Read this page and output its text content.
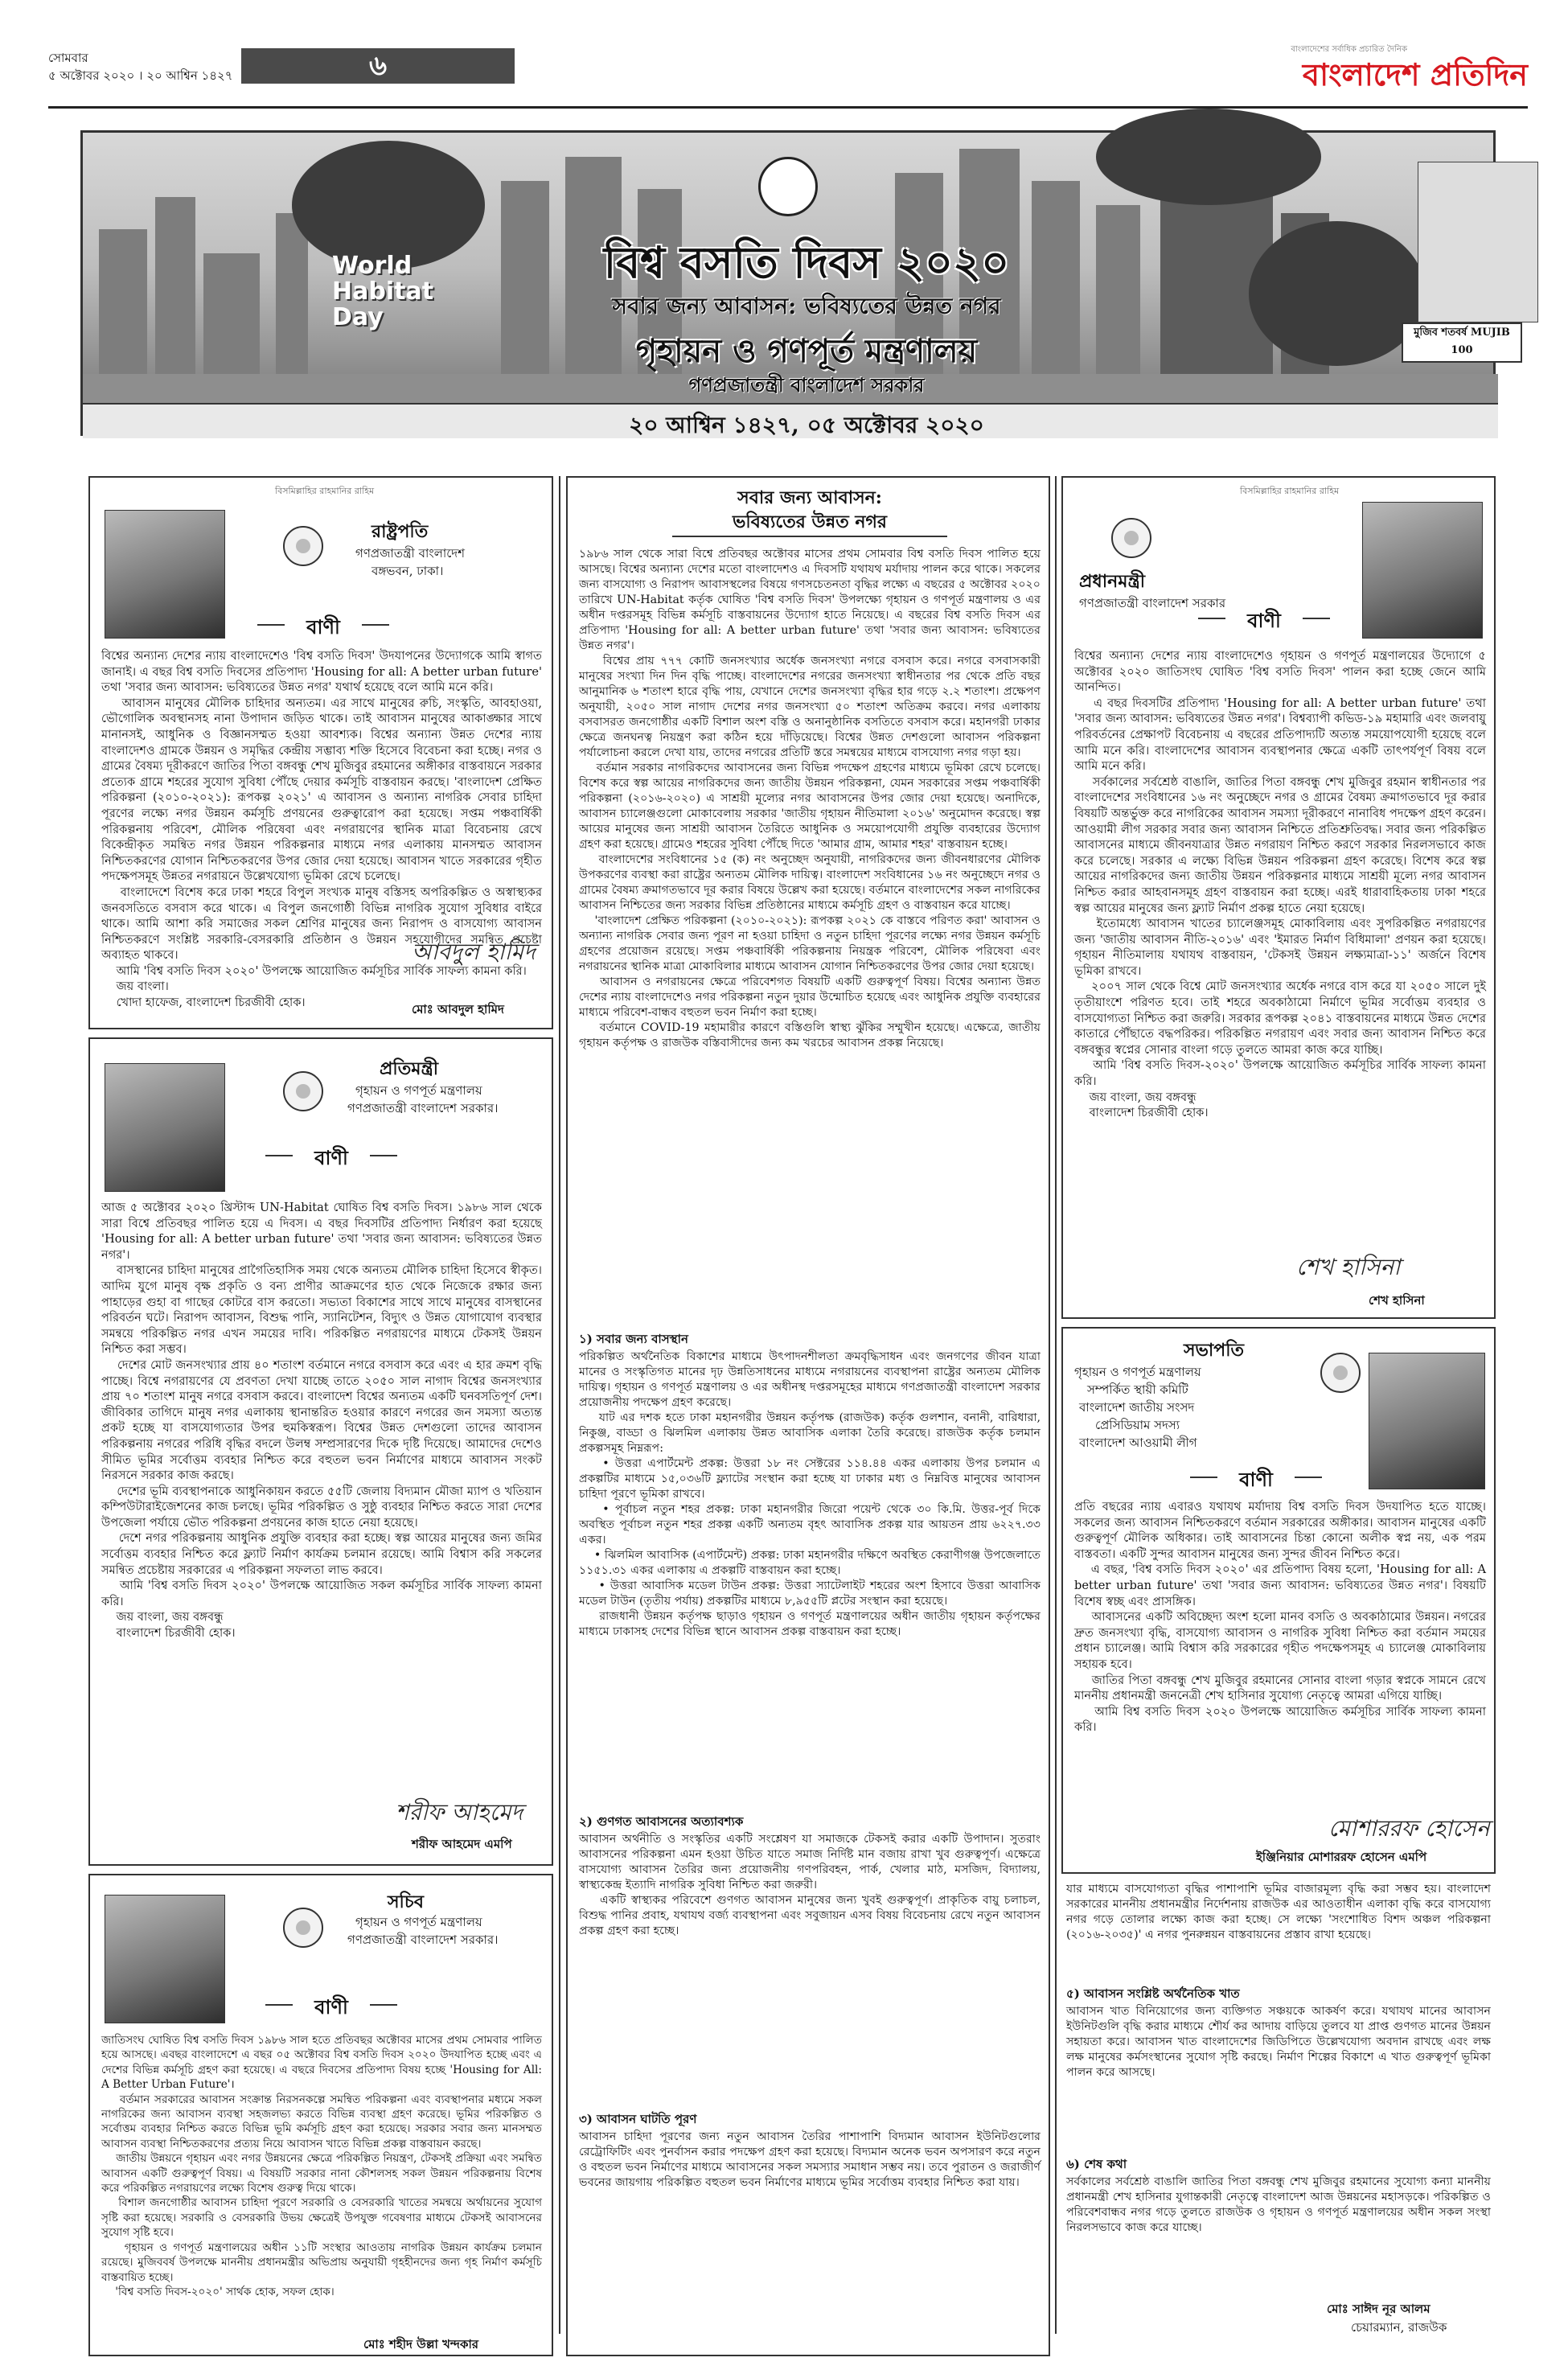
সোমবার
৫ অক্টোবর ২০২০ । ২০ আশ্বিন ১৪২৭	৬
বাংলাদেশের সর্বাধিক প্রচারিত দৈনিক
বাংলাদেশ প্রতিদিন
World Habitat Day
বিশ্ব বসতি দিবস ২০২০
সবার জন্য আবাসন: ভবিষ্যতের উন্নত নগর
গৃহায়ন ও গণপূর্ত মন্ত্রণালয়
গণপ্রজাতন্ত্রী বাংলাদেশ সরকার
২০ আশ্বিন ১৪২৭, ০৫ অক্টোবর ২০২০
মুজিব শতবর্ষ MUJIB 100
বিসমিল্লাহির রাহমানির রাহিম
রাষ্ট্রপতি
গণপ্রজাতন্ত্রী বাংলাদেশ
বঙ্গভবন, ঢাকা।
বাণী
বিশ্বের অন্যান্য দেশের ন্যায় বাংলাদেশেও 'বিশ্ব বসতি দিবস' উদযাপনের উদ্যোগকে আমি স্বাগত জানাই। এ বছর বিশ্ব বসতি দিবসের প্রতিপাদ্য 'Housing for all: A better urban future' তথা 'সবার জন্য আবাসন: ভবিষ্যতের উন্নত নগর' যথার্থ হয়েছে বলে আমি মনে করি।
আবাসন মানুষের মৌলিক চাহিদার অন্যতম। এর সাথে মানুষের রুচি, সংস্কৃতি, আবহাওয়া, ভৌগোলিক অবস্থানসহ নানা উপাদান জড়িত থাকে। তাই আবাসন মানুষের আকাঙ্ক্ষার সাথে মানানসই, আধুনিক ও বিজ্ঞানসম্মত হওয়া আবশ্যক। বিশ্বের অন্যান্য উন্নত দেশের ন্যায় বাংলাদেশও গ্রামকে উন্নয়ন ও সমৃদ্ধির কেন্দ্রীয় সম্ভাব্য শক্তি হিসেবে বিবেচনা করা হচ্ছে। নগর ও গ্রামের বৈষম্য দূরীকরণে জাতির পিতা বঙ্গবন্ধু শেখ মুজিবুর রহমানের অঙ্গীকার বাস্তবায়নে সরকার প্রত্যেক গ্রামে শহরের সুযোগ সুবিধা পৌঁছে দেয়ার কর্মসূচি বাস্তবায়ন করছে। 'বাংলাদেশ প্রেক্ষিত পরিকল্পনা (২০১০-২০২১): রূপকল্প ২০২১' এ আবাসন ও অন্যান্য নাগরিক সেবার চাহিদা পূরণের লক্ষ্যে নগর উন্নয়ন কর্মসূচি প্রণয়নের গুরুত্বারোপ করা হয়েছে। সপ্তম পঞ্চবার্ষিকী পরিকল্পনায় পরিবেশ, মৌলিক পরিষেবা এবং নগরায়ণের স্থানিক মাত্রা বিবেচনায় রেখে বিকেন্দ্রীকৃত সমন্বিত নগর উন্নয়ন পরিকল্পনার মাধ্যমে নগর এলাকায় মানসম্মত আবাসন নিশ্চিতকরণের যোগান নিশ্চিতকরণের উপর জোর দেয়া হয়েছে। আবাসন খাতে সরকারের গৃহীত পদক্ষেপসমূহ উন্নতর নগরায়নে উল্লেখযোগ্য ভূমিকা রেখে চলেছে।
বাংলাদেশে বিশেষ করে ঢাকা শহরে বিপুল সংখ্যক মানুষ বস্তিসহ অপরিকল্পিত ও অস্বাস্থ্যকর জনবসতিতে বসবাস করে থাকে। এ বিপুল জনগোষ্ঠী বিভিন্ন নাগরিক সুযোগ সুবিধার বাইরে থাকে। আমি আশা করি সমাজের সকল শ্রেণির মানুষের জন্য নিরাপদ ও বাসযোগ্য আবাসন নিশ্চিতকরণে সংশ্লিষ্ট সরকারি-বেসরকারি প্রতিষ্ঠান ও উন্নয়ন সহযোগীদের সমন্বিত প্রচেষ্টা অব্যাহত থাকবে।
আমি 'বিশ্ব বসতি দিবস ২০২০' উপলক্ষে আয়োজিত কর্মসূচির সার্বিক সাফল্য কামনা করি।
জয় বাংলা।
খোদা হাফেজ, বাংলাদেশ চিরজীবী হোক।
আবদুল হামিদ
মোঃ আবদুল হামিদ
প্রতিমন্ত্রী
গৃহায়ন ও গণপূর্ত মন্ত্রণালয়
গণপ্রজাতন্ত্রী বাংলাদেশ সরকার।
বাণী
আজ ৫ অক্টোবর ২০২০ খ্রিস্টাব্দ UN-Habitat ঘোষিত বিশ্ব বসতি দিবস। ১৯৮৬ সাল থেকে সারা বিশ্বে প্রতিবছর পালিত হয়ে এ দিবস। এ বছর দিবসটির প্রতিপাদ্য নির্ধারণ করা হয়েছে 'Housing for all: A better urban future' তথা 'সবার জন্য আবাসন: ভবিষ্যতের উন্নত নগর'।
বাসস্থানের চাহিদা মানুষের প্রাগৈতিহাসিক সময় থেকে অন্যতম মৌলিক চাহিদা হিসেবে স্বীকৃত। আদিম যুগে মানুষ বৃক্ষ প্রকৃতি ও বন্য প্রাণীর আক্রমণের হাত থেকে নিজেকে রক্ষার জন্য পাহাড়ের গুহা বা গাছের কোটরে বাস করতো। সভ্যতা বিকাশের সাথে সাথে মানুষের বাসস্থানের পরিবর্তন ঘটে। নিরাপদ আবাসন, বিশুদ্ধ পানি, স্যানিটেশন, বিদ্যুৎ ও উন্নত যোগাযোগ ব্যবস্থার সমন্বয়ে পরিকল্পিত নগর এখন সময়ের দাবি। পরিকল্পিত নগরায়ণের মাধ্যমে টেকসই উন্নয়ন নিশ্চিত করা সম্ভব।
দেশের মোট জনসংখ্যার প্রায় ৪০ শতাংশ বর্তমানে নগরে বসবাস করে এবং এ হার ক্রমশ বৃদ্ধি পাচ্ছে। বিশ্বে নগরায়ণের যে প্রবণতা দেখা যাচ্ছে তাতে ২০৫০ সাল নাগাদ বিশ্বের জনসংখ্যার প্রায় ৭০ শতাংশ মানুষ নগরে বসবাস করবে। বাংলাদেশ বিশ্বের অন্যতম একটি ঘনবসতিপূর্ণ দেশ। জীবিকার তাগিদে মানুষ নগর এলাকায় স্থানান্তরিত হওয়ার কারণে নগরের জন সমস্যা অত্যন্ত প্রকট হচ্ছে যা বাসযোগ্যতার উপর হুমকিস্বরূপ। বিশ্বের উন্নত দেশগুলো তাদের আবাসন পরিকল্পনায় নগরের পরিধি বৃদ্ধির বদলে উলম্ব সম্প্রসারণের দিকে দৃষ্টি দিয়েছে। আমাদের দেশেও সীমিত ভূমির সর্বোত্তম ব্যবহার নিশ্চিত করে বহুতল ভবন নির্মাণের মাধ্যমে আবাসন সংকট নিরসনে সরকার কাজ করছে।
দেশের ভূমি ব্যবস্থাপনাকে আধুনিকায়ন করতে ৫৫টি জেলায় বিদ্যমান মৌজা ম্যাপ ও খতিয়ান কম্পিউটারাইজেশনের কাজ চলছে। ভূমির পরিকল্পিত ও সুষ্ঠু ব্যবহার নিশ্চিত করতে সারা দেশের উপজেলা পর্যায়ে ভৌত পরিকল্পনা প্রণয়নের কাজ হাতে নেয়া হয়েছে।
দেশে নগর পরিকল্পনায় আধুনিক প্রযুক্তি ব্যবহার করা হচ্ছে। স্বল্প আয়ের মানুষের জন্য জমির সর্বোত্তম ব্যবহার নিশ্চিত করে ফ্ল্যাট নির্মাণ কার্যক্রম চলমান রয়েছে। আমি বিশ্বাস করি সকলের সমন্বিত প্রচেষ্টায় সরকারের এ পরিকল্পনা সফলতা লাভ করবে।
আমি 'বিশ্ব বসতি দিবস ২০২০' উপলক্ষে আয়োজিত সকল কর্মসূচির সার্বিক সাফল্য কামনা করি।
জয় বাংলা, জয় বঙ্গবন্ধু
বাংলাদেশ চিরজীবী হোক।
শরীফ আহমেদ
শরীফ আহমেদ এমপি
সচিব
গৃহায়ন ও গণপূর্ত মন্ত্রণালয়
গণপ্রজাতন্ত্রী বাংলাদেশ সরকার।
বাণী
জাতিসংঘ ঘোষিত বিশ্ব বসতি দিবস ১৯৮৬ সাল হতে প্রতিবছর অক্টোবর মাসের প্রথম সোমবার পালিত হয়ে আসছে। এবছর বাংলাদেশে এ বছর ০৫ অক্টোবর বিশ্ব বসতি দিবস ২০২০ উদযাপিত হচ্ছে এবং এ দেশের বিভিন্ন কর্মসূচি গ্রহণ করা হয়েছে। এ বছরে দিবসের প্রতিপাদ্য বিষয় হচ্ছে 'Housing for All: A Better Urban Future'।
বর্তমান সরকারের আবাসন সংক্রান্ত নিরসনকল্পে সমন্বিত পরিকল্পনা এবং ব্যবস্থাপনার মধ্যমে সকল নাগরিকের জন্য আবাসন ব্যবস্থা সহজলভ্য করতে বিভিন্ন ব্যবস্থা গ্রহণ করেছে। ভূমির পরিকল্পিত ও সর্বোত্তম ব্যবহার নিশ্চিত করতে বিভিন্ন ভূমি কর্মসূচি গ্রহণ করা হয়েছে। সরকার সবার জন্য মানসম্মত আবাসন ব্যবস্থা নিশ্চিতকরণের প্রত্যয় নিয়ে আবাসন খাতে বিভিন্ন প্রকল্প বাস্তবায়ন করছে।
জাতীয় উন্নয়নে গৃহায়ন এবং নগর উন্নয়নের ক্ষেত্রে পরিকল্পিত নিয়ন্ত্রণ, টেকসই প্রক্রিয়া এবং সমন্বিত আবাসন একটি গুরুত্বপূর্ণ বিষয়। এ বিষয়টি সরকার নানা কৌশলসহ সকল উন্নয়ন পরিকল্পনায় বিশেষ করে পরিকল্পিত নগরায়ণের লক্ষ্যে বিশেষ গুরুত্ব দিয়ে থাকে।
বিশাল জনগোষ্ঠীর আবাসন চাহিদা পূরণে সরকারি ও বেসরকারি খাতের সমন্বয়ে অর্থায়নের সুযোগ সৃষ্টি করা হয়েছে। সরকারি ও বেসরকারি উভয় ক্ষেত্রেই উপযুক্ত গবেষণার মাধ্যমে টেকসই আবাসনের সুযোগ সৃষ্টি হবে।
গৃহায়ন ও গণপূর্ত মন্ত্রণালয়ের অধীন ১১টি সংস্থার আওতায় নাগরিক উন্নয়ন কার্যক্রম চলমান রয়েছে। মুজিববর্ষ উপলক্ষে মাননীয় প্রধানমন্ত্রীর অভিপ্রায় অনুযায়ী গৃহহীনদের জন্য গৃহ নির্মাণ কর্মসূচি বাস্তবায়িত হচ্ছে।
'বিশ্ব বসতি দিবস-২০২০' সার্থক হোক, সফল হোক।
মোঃ শহীদ উল্লা খন্দকার
সবার জন্য আবাসন:
ভবিষ্যতের উন্নত নগর
১৯৮৬ সাল থেকে সারা বিশ্বে প্রতিবছর অক্টোবর মাসের প্রথম সোমবার বিশ্ব বসতি দিবস পালিত হয়ে আসছে। বিশ্বের অন্যান্য দেশের মতো বাংলাদেশও এ দিবসটি যথাযথ মর্যাদায় পালন করে থাকে। সকলের জন্য বাসযোগ্য ও নিরাপদ আবাসস্থলের বিষয়ে গণসচেতনতা বৃদ্ধির লক্ষ্যে এ বছরের ৫ অক্টোবর ২০২০ তারিখে UN-Habitat কর্তৃক ঘোষিত 'বিশ্ব বসতি দিবস' উপলক্ষ্যে গৃহায়ন ও গণপূর্ত মন্ত্রণালয় ও এর অধীন দপ্তরসমূহ বিভিন্ন কর্মসূচি বাস্তবায়নের উদ্যোগ হাতে নিয়েছে। এ বছরের বিশ্ব বসতি দিবস এর প্রতিপাদ্য 'Housing for all: A better urban future' তথা 'সবার জন্য আবাসন: ভবিষ্যতের উন্নত নগর'।
বিশ্বের প্রায় ৭৭৭ কোটি জনসংখ্যার অর্ধেক জনসংখ্যা নগরে বসবাস করে। নগরে বসবাসকারী মানুষের সংখ্যা দিন দিন বৃদ্ধি পাচ্ছে। বাংলাদেশের নগরের জনসংখ্যা স্বাধীনতার পর থেকে প্রতি বছর আনুমানিক ৬ শতাংশ হারে বৃদ্ধি পায়, যেখানে দেশের জনসংখ্যা বৃদ্ধির হার গড়ে ২.২ শতাংশ। প্রক্ষেপণ অনুযায়ী, ২০৫০ সাল নাগাদ দেশের নগর জনসংখ্যা ৫০ শতাংশ অতিক্রম করবে। নগর এলাকায় বসবাসরত জনগোষ্ঠীর একটি বিশাল অংশ বস্তি ও অনানুষ্ঠানিক বসতিতে বসবাস করে। মহানগরী ঢাকার ক্ষেত্রে জনঘনত্ব নিয়ন্ত্রণ করা কঠিন হয়ে দাঁড়িয়েছে। বিশ্বের উন্নত দেশগুলো আবাসন পরিকল্পনা পর্যালোচনা করলে দেখা যায়, তাদের নগরের প্রতিটি স্তরে সমন্বয়ের মাধ্যমে বাসযোগ্য নগর গড়া হয়।
বর্তমান সরকার নাগরিকদের আবাসনের জন্য বিভিন্ন পদক্ষেপ গ্রহণের মাধ্যমে ভূমিকা রেখে চলেছে। বিশেষ করে স্বল্প আয়ের নাগরিকদের জন্য জাতীয় উন্নয়ন পরিকল্পনা, যেমন সরকারের সপ্তম পঞ্চবার্ষিকী পরিকল্পনা (২০১৬-২০২০) এ সাশ্রয়ী মূল্যের নগর আবাসনের উপর জোর দেয়া হয়েছে। অনাদিকে, আবাসন চ্যালেঞ্জগুলো মোকাবেলায় সরকার 'জাতীয় গৃহায়ন নীতিমালা ২০১৬' অনুমোদন করেছে। স্বল্প আয়ের মানুষের জন্য সাশ্রয়ী আবাসন তৈরিতে আধুনিক ও সময়োপযোগী প্রযুক্তি ব্যবহারের উদ্যোগ গ্রহণ করা হয়েছে। গ্রামেও শহরের সুবিধা পৌঁছে দিতে 'আমার গ্রাম, আমার শহর' বাস্তবায়ন হচ্ছে।
বাংলাদেশের সংবিধানের ১৫ (ক) নং অনুচ্ছেদ অনুযায়ী, নাগরিকদের জন্য জীবনধারণের মৌলিক উপকরণের ব্যবস্থা করা রাষ্ট্রের অন্যতম মৌলিক দায়িত্ব। বাংলাদেশ সংবিধানের ১৬ নং অনুচ্ছেদে নগর ও গ্রামের বৈষম্য ক্রমাগতভাবে দূর করার বিষয়ে উল্লেখ করা হয়েছে। বর্তমানে বাংলাদেশের সকল নাগরিকের আবাসন নিশ্চিতের জন্য সরকার বিভিন্ন প্রতিষ্ঠানের মাধ্যমে কর্মসূচি গ্রহণ ও বাস্তবায়ন করে যাচ্ছে।
'বাংলাদেশ প্রেক্ষিত পরিকল্পনা (২০১০-২০২১): রূপকল্প ২০২১ কে বাস্তবে পরিণত করা' আবাসন ও অন্যান্য নাগরিক সেবার জন্য পূরণ না হওয়া চাহিদা ও নতুন চাহিদা পূরণের লক্ষ্যে নগর উন্নয়ন কর্মসূচি গ্রহণের প্রয়োজন রয়েছে। সপ্তম পঞ্চবার্ষিকী পরিকল্পনায় নিয়ন্ত্রক পরিবেশ, মৌলিক পরিষেবা এবং নগরায়নের স্থানিক মাত্রা মোকাবিলার মাধ্যমে আবাসন যোগান নিশ্চিতকরণের উপর জোর দেয়া হয়েছে।
আবাসন ও নগরায়নের ক্ষেত্রে পরিবেশগত বিষয়টি একটি গুরুত্বপূর্ণ বিষয়। বিশ্বের অন্যান্য উন্নত দেশের ন্যায় বাংলাদেশেও নগর পরিকল্পনা নতুন দুয়ার উন্মোচিত হয়েছে এবং আধুনিক প্রযুক্তি ব্যবহারের মাধ্যমে পরিবেশ-বান্ধব বহুতল ভবন নির্মাণ করা হচ্ছে।
বর্তমানে COVID-19 মহামারীর কারণে বস্তিগুলি স্বাস্থ্য ঝুঁকির সম্মুখীন হয়েছে। এক্ষেত্রে, জাতীয় গৃহায়ন কর্তৃপক্ষ ও রাজউক বস্তিবাসীদের জন্য কম খরচের আবাসন প্রকল্প নিয়েছে।
১) সবার জন্য বাসস্থান
পরিকল্পিত অর্থনৈতিক বিকাশের মাধ্যমে উৎপাদনশীলতা ক্রমবৃদ্ধিসাধন এবং জনগণের জীবন যাত্রা মানের ও সংস্কৃতিগত মানের দৃঢ় উন্নতিসাধনের মাধ্যমে নগরায়নের ব্যবস্থাপনা রাষ্ট্রের অন্যতম মৌলিক দায়িত্ব। গৃহায়ন ও গণপূর্ত মন্ত্রণালয় ও এর অধীনস্থ দপ্তরসমূহের মাধ্যমে গণপ্রজাতন্ত্রী বাংলাদেশ সরকার প্রয়োজনীয় পদক্ষেপ গ্রহণ করেছে।
যাট এর দশক হতে ঢাকা মহানগরীর উন্নয়ন কর্তৃপক্ষ (রাজউক) কর্তৃক গুলশান, বনানী, বারিধারা, নিকুঞ্জ, বাড্ডা ও ঝিলমিল এলাকায় উন্নত আবাসিক এলাকা তৈরি করেছে। রাজউক কর্তৃক চলমান প্রকল্পসমূহ নিম্নরূপ:
• উত্তরা এপার্টমেন্ট প্রকল্প: উত্তরা ১৮ নং সেক্টরের ১১৪.৪৪ একর এলাকায় উপর চলমান এ প্রকল্পটির মাধ্যমে ১৫,০৩৬টি ফ্ল্যাটের সংস্থান করা হচ্ছে যা ঢাকার মধ্য ও নিম্নবিত্ত মানুষের আবাসন চাহিদা পূরণে ভূমিকা রাখবে।
• পূর্বাচল নতুন শহর প্রকল্প: ঢাকা মহানগরীর জিরো পয়েন্ট থেকে ৩০ কি.মি. উত্তর-পূর্ব দিকে অবস্থিত পূর্বাচল নতুন শহর প্রকল্প একটি অন্যতম বৃহৎ আবাসিক প্রকল্প যার আয়তন প্রায় ৬২২৭.৩৩ একর।
• ঝিলমিল আবাসিক (এপার্টমেন্ট) প্রকল্প: ঢাকা মহানগরীর দক্ষিণে অবস্থিত কেরাণীগঞ্জ উপজেলাতে ১১৫১.৩১ একর এলাকায় এ প্রকল্পটি বাস্তবায়ন করা হচ্ছে।
• উত্তরা আবাসিক মডেল টাউন প্রকল্প: উত্তরা স্যাটেলাইট শহরের অংশ হিসাবে উত্তরা আবাসিক মডেল টাউন (তৃতীয় পর্যায়) প্রকল্পটির মাধ্যমে ৮,৯৫৫টি প্লটের সংস্থান করা হয়েছে।
রাজধানী উন্নয়ন কর্তৃপক্ষ ছাড়াও গৃহায়ন ও গণপূর্ত মন্ত্রণালয়ের অধীন জাতীয় গৃহায়ন কর্তৃপক্ষের মাধ্যমে ঢাকাসহ দেশের বিভিন্ন স্থানে আবাসন প্রকল্প বাস্তবায়ন করা হচ্ছে।
২) গুণগত আবাসনের অত্যাবশ্যক
আবাসন অর্থনীতি ও সংস্কৃতির একটি সংশ্লেষণ যা সমাজকে টেকসই করার একটি উপাদান। সুতরাং আবাসনের পরিকল্পনা এমন হওয়া উচিত যাতে সমাজ নির্দিষ্ট মান বজায় রাখা খুব গুরুত্বপূর্ণ। এক্ষেত্রে বাসযোগ্য আবাসন তৈরির জন্য প্রয়োজনীয় গণপরিবহন, পার্ক, খেলার মাঠ, মসজিদ, বিদ্যালয়, স্বাস্থ্যকেন্দ্র ইত্যাদি নাগরিক সুবিধা নিশ্চিত করা জরুরী।
একটি স্বাস্থ্যকর পরিবেশে গুণগত আবাসন মানুষের জন্য খুবই গুরুত্বপূর্ণ। প্রাকৃতিক বায়ু চলাচল, বিশুদ্ধ পানির প্রবাহ, যথাযথ বর্জ্য ব্যবস্থাপনা এবং সবুজায়ন এসব বিষয় বিবেচনায় রেখে নতুন আবাসন প্রকল্প গ্রহণ করা হচ্ছে।
৩) আবাসন ঘাটতি পূরণ
আবাসন চাহিদা পূরণের জন্য নতুন আবাসন তৈরির পাশাপাশি বিদ্যমান আবাসন ইউনিটগুলোর রেট্রোফিটিং এবং পুনর্বাসন করার পদক্ষেপ গ্রহণ করা হয়েছে। বিদ্যমান অনেক ভবন অপসারণ করে নতুন ও বহুতল ভবন নির্মাণের মাধ্যমে আবাসনের সকল সমস্যার সমাধান সম্ভব নয়। তবে পুরাতন ও জরাজীর্ণ ভবনের জায়গায় পরিকল্পিত বহুতল ভবন নির্মাণের মাধ্যমে ভূমির সর্বোত্তম ব্যবহার নিশ্চিত করা যায়।
বিসমিল্লাহির রাহমানির রাহিম
প্রধানমন্ত্রী
গণপ্রজাতন্ত্রী বাংলাদেশ সরকার
বাণী
বিশ্বের অন্যান্য দেশের ন্যায় বাংলাদেশেও গৃহায়ন ও গণপূর্ত মন্ত্রণালয়ের উদ্যোগে ৫ অক্টোবর ২০২০ জাতিসংঘ ঘোষিত 'বিশ্ব বসতি দিবস' পালন করা হচ্ছে জেনে আমি আনন্দিত।
এ বছর দিবসটির প্রতিপাদ্য 'Housing for all: A better urban future' তথা 'সবার জন্য আবাসন: ভবিষ্যতের উন্নত নগর'। বিশ্বব্যাপী কভিড-১৯ মহামারি এবং জলবায়ু পরিবর্তনের প্রেক্ষাপট বিবেচনায় এ বছরের প্রতিপাদ্যটি অত্যন্ত সময়োপযোগী হয়েছে বলে আমি মনে করি। বাংলাদেশের আবাসন ব্যবস্থাপনার ক্ষেত্রে একটি তাৎপর্যপূর্ণ বিষয় বলে আমি মনে করি।
সর্বকালের সর্বশ্রেষ্ঠ বাঙালি, জাতির পিতা বঙ্গবন্ধু শেখ মুজিবুর রহমান স্বাধীনতার পর বাংলাদেশের সংবিধানের ১৬ নং অনুচ্ছেদে নগর ও গ্রামের বৈষম্য ক্রমাগতভাবে দূর করার বিষয়টি অন্তর্ভুক্ত করে নাগরিকের আবাসন সমস্যা দূরীকরণে নানাবিধ পদক্ষেপ গ্রহণ করেন। আওয়ামী লীগ সরকার সবার জন্য আবাসন নিশ্চিতে প্রতিশ্রুতিবদ্ধ। সবার জন্য পরিকল্পিত আবাসনের মাধ্যমে জীবনযাত্রার উন্নত নগরায়ণ নিশ্চিত করণে সরকার নিরলসভাবে কাজ করে চলেছে। সরকার এ লক্ষ্যে বিভিন্ন উন্নয়ন পরিকল্পনা গ্রহণ করেছে। বিশেষ করে স্বল্প আয়ের নাগরিকদের জন্য জাতীয় উন্নয়ন পরিকল্পনার মাধ্যমে সাশ্রয়ী মূল্যে নগর আবাসন নিশ্চিত করার আহবানসমূহ গ্রহণ বাস্তবায়ন করা হচ্ছে। এরই ধারাবাহিকতায় ঢাকা শহরে স্বল্প আয়ের মানুষের জন্য ফ্ল্যাট নির্মাণ প্রকল্প হাতে নেয়া হয়েছে।
ইতোমধ্যে আবাসন খাতের চ্যালেঞ্জসমূহ মোকাবিলায় এবং সুপরিকল্পিত নগরায়ণের জন্য 'জাতীয় আবাসন নীতি-২০১৬' এবং 'ইমারত নির্মাণ বিধিমালা' প্রণয়ন করা হয়েছে। গৃহায়ন নীতিমালায় যথাযথ বাস্তবায়ন, 'টেকসই উন্নয়ন লক্ষ্যমাত্রা-১১' অর্জনে বিশেষ ভূমিকা রাখবে।
২০০৭ সাল থেকে বিশ্বে মোট জনসংখ্যার অর্ধেক নগরে বাস করে যা ২০৫০ সালে দুই তৃতীয়াংশে পরিণত হবে। তাই শহরে অবকাঠামো নির্মাণে ভূমির সর্বোত্তম ব্যবহার ও বাসযোগ্যতা নিশ্চিত করা জরুরি। সরকার রূপকল্প ২০৪১ বাস্তবায়নের মাধ্যমে উন্নত দেশের কাতারে পৌঁছাতে বদ্ধপরিকর। পরিকল্পিত নগরায়ণ এবং সবার জন্য আবাসন নিশ্চিত করে বঙ্গবন্ধুর স্বপ্নের সোনার বাংলা গড়ে তুলতে আমরা কাজ করে যাচ্ছি।
আমি 'বিশ্ব বসতি দিবস-২০২০' উপলক্ষে আয়োজিত কর্মসূচির সার্বিক সাফল্য কামনা করি।
জয় বাংলা, জয় বঙ্গবন্ধু
বাংলাদেশ চিরজীবী হোক।
শেখ হাসিনা
শেখ হাসিনা
সভাপতি
গৃহায়ন ও গণপূর্ত মন্ত্রণালয়
সম্পর্কিত স্থায়ী কমিটি
বাংলাদেশ জাতীয় সংসদ
প্রেসিডিয়াম সদস্য
বাংলাদেশ আওয়ামী লীগ
বাণী
প্রতি বছরের ন্যায় এবারও যথাযথ মর্যাদায় বিশ্ব বসতি দিবস উদযাপিত হতে যাচ্ছে। সকলের জন্য আবাসন নিশ্চিতকরণে বর্তমান সরকারের অঙ্গীকার। আবাসন মানুষের একটি গুরুত্বপূর্ণ মৌলিক অধিকার। তাই আবাসনের চিন্তা কোনো অলীক স্বপ্ন নয়, এক পরম বাস্তবতা। একটি সুন্দর আবাসন মানুষের জন্য সুন্দর জীবন নিশ্চিত করে।
এ বছর, 'বিশ্ব বসতি দিবস ২০২০' এর প্রতিপাদ্য বিষয় হলো, 'Housing for all: A better urban future' তথা 'সবার জন্য আবাসন: ভবিষ্যতের উন্নত নগর'। বিষয়টি বিশেষ স্বচ্ছ এবং প্রাসঙ্গিক।
আবাসনের একটি অবিচ্ছেদ্য অংশ হলো মানব বসতি ও অবকাঠামোর উন্নয়ন। নগরের দ্রুত জনসংখ্যা বৃদ্ধি, বাসযোগ্য আবাসন ও নাগরিক সুবিধা নিশ্চিত করা বর্তমান সময়ের প্রধান চ্যালেঞ্জ। আমি বিশ্বাস করি সরকারের গৃহীত পদক্ষেপসমূহ এ চ্যালেঞ্জ মোকাবিলায় সহায়ক হবে।
জাতির পিতা বঙ্গবন্ধু শেখ মুজিবুর রহমানের সোনার বাংলা গড়ার স্বপ্নকে সামনে রেখে মাননীয় প্রধানমন্ত্রী জননেত্রী শেখ হাসিনার সুযোগ্য নেতৃত্বে আমরা এগিয়ে যাচ্ছি।
আমি বিশ্ব বসতি দিবস ২০২০ উপলক্ষে আয়োজিত কর্মসূচির সার্বিক সাফল্য কামনা করি।
মোশাররফ হোসেন
ইঞ্জিনিয়ার মোশাররফ হোসেন এমপি
যার মাধ্যমে বাসযোগ্যতা বৃদ্ধির পাশাপাশি ভূমির বাজারমূল্য বৃদ্ধি করা সম্ভব হয়। বাংলাদেশ সরকারের মাননীয় প্রধানমন্ত্রীর নির্দেশনায় রাজউক এর আওতাধীন এলাকা বৃদ্ধি করে বাসযোগ্য নগর গড়ে তোলার লক্ষ্যে কাজ করা হচ্ছে। সে লক্ষ্যে 'সংশোধিত বিশদ অঞ্চল পরিকল্পনা (২০১৬-২০৩৫)' এ নগর পুনরুন্নয়ন বাস্তবায়নের প্রস্তাব রাখা হয়েছে।
৫) আবাসন সংশ্লিষ্ট অর্থনৈতিক খাত
আবাসন খাত বিনিয়োগের জন্য ব্যক্তিগত সঞ্চয়কে আকর্ষণ করে। যথাযথ মানের আবাসন ইউনিটগুলি বৃদ্ধি করার মাধ্যমে শৌর্য কর আদায় বাড়িয়ে তুলবে যা প্রাপ্ত গুণগত মানের উন্নয়ন সহায়তা করে। আবাসন খাত বাংলাদেশের জিডিপিতে উল্লেখযোগ্য অবদান রাখছে এবং লক্ষ লক্ষ মানুষের কর্মসংস্থানের সুযোগ সৃষ্টি করছে। নির্মাণ শিল্পের বিকাশে এ খাত গুরুত্বপূর্ণ ভূমিকা পালন করে আসছে।
৬) শেষ কথা
সর্বকালের সর্বশ্রেষ্ঠ বাঙালি জাতির পিতা বঙ্গবন্ধু শেখ মুজিবুর রহমানের সুযোগ্য কন্যা মাননীয় প্রধানমন্ত্রী শেখ হাসিনার যুগান্তকারী নেতৃত্বে বাংলাদেশ আজ উন্নয়নের মহাসড়কে। পরিকল্পিত ও পরিবেশবান্ধব নগর গড়ে তুলতে রাজউক ও গৃহায়ন ও গণপূর্ত মন্ত্রণালয়ের অধীন সকল সংস্থা নিরলসভাবে কাজ করে যাচ্ছে।
মোঃ সাঈদ নূর আলম
চেয়ারম্যান, রাজউক
